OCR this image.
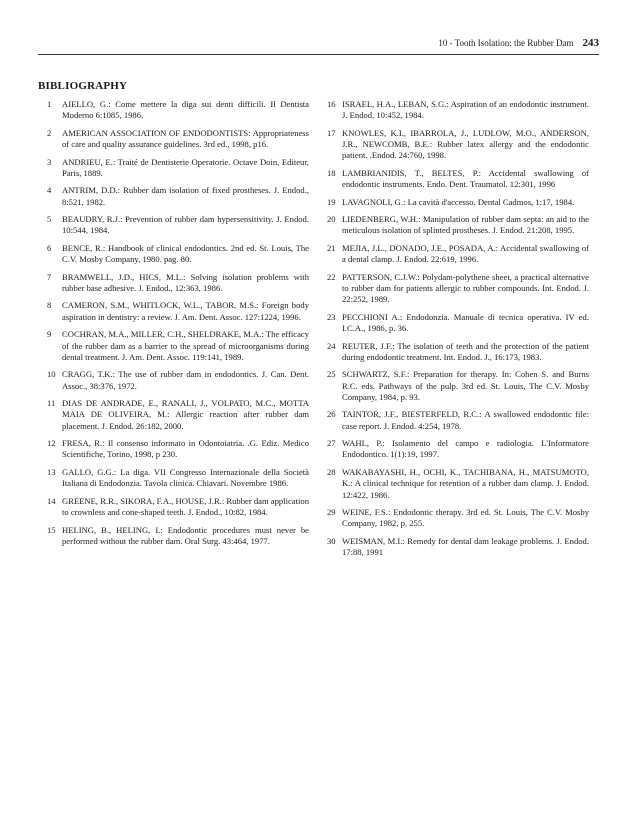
10 - Tooth Isolation: the Rubber Dam 243
BIBLIOGRAPHY
1	AIELLO, G.: Come mettere la diga sui denti difficili. Il Dentista Moderno 6:1085, 1986.
2	AMERICAN ASSOCIATION OF ENDODONTISTS: Appropriateness of care and quality assurance guidelines. 3rd ed., 1998, p16.
3	ANDRIEU, E.: Traité de Dentisterie Operatorie. Octave Doin, Editeur, Paris, 1889.
4	ANTRIM, D.D.: Rubber dam isolation of fixed prostheses. J. Endod., 8:521, 1982.
5	BEAUDRY, R.J.: Prevention of rubber dam hypersensitivity. J. Endod. 10:544, 1984.
6	BENCE, R.: Handbook of clinical endodontics. 2nd ed. St. Louis, The C.V. Mosby Company, 1980. pag. 80.
7	BRAMWELL, J.D., HICS, M.L.: Solving isolation problems with rubber base adhesive. J. Endod., 12:363, 1986.
8	CAMERON, S.M., WHITLOCK, W.L., TABOR, M.S.: Foreign body aspiration in dentistry: a review. J. Am. Dent. Assoc. 127:1224, 1996.
9	COCHRAN, M.A., MILLER, C.H., SHELDRAKE, M.A.: The efficacy of the rubber dam as a barrier to the spread of microorganisms during dental treatment. J. Am. Dent. Assoc. 119:141, 1989.
10 CRAGG, T.K.: The use of rubber dam in endodontics. J. Can. Dent. Assoc., 38:376, 1972.
11 DIAS DE ANDRADE, E., RANALI, J., VOLPATO, M.C., MOTTA MAIA DE OLIVEIRA, M.: Allergic reaction after rubber dam placement. J. Endod. 26:182, 2000.
12 FRESA, R.: Il consenso informato in Odontoiatria. .G. Ediz. Medico Scientifiche, Torino, 1998, p 230.
13 GALLO, G.G.: La diga. VII Congresso Internazionale della Società Italiana di Endodonzia. Tavola clinica. Chiavari. Novembre 1986.
14 GREENE, R.R., SIKORA, F.A., HOUSE, J.R.: Rubber dam application to crownless and cone-shaped teeth. J. Endod., 10:82, 1984.
15 HELING, B., HELING, I.: Endodontic procedures must never be performed without the rubber dam. Oral Surg. 43:464, 1977.
16 ISRAEL, H.A., LEBAN, S.G.: Aspiration of an endodontic instrument. J. Endod. 10:452, 1984.
17 KNOWLES, K.I., IBARROLA, J., LUDLOW, M.O., ANDERSON, J.R., NEWCOMB, B.E.: Rubber latex allergy and the endodontic patient. .Endod. 24:760, 1998.
18 LAMBRIANIDIS, T., BELTES, P.: Accidental swallowing of endodontic instruments. Endo. Dent. Traumatol. 12:301, 1996
19 LAVAGNOLI, G.: La cavità d'accesso. Dental Cadmos, 1:17, 1984.
20 LIEDENBERG, W.H.: Manipulation of rubber dam septa: an aid to the meticulous isolation of splinted prostheses. J. Endod. 21:208, 1995.
21 MEJIA, J.L., DONADO, J.E., POSADA, A.: Accidental swallowing of a dental clamp. J. Endod. 22:619, 1996.
22 PATTERSON, C.J.W.: Polydam-polythene sheet, a practical alternative to rubber dam for patients allergic to rubber compounds. Int. Endod. J. 22:252, 1989.
23 PECCHIONI A.: Endodonzia. Manuale di tecnica operativa. IV ed. I.C.A., 1986, p. 36.
24 REUTER, J.F.: The isolation of teeth and the protection of the patient during endodontic treatment. Int. Endod. J., 16:173, 1983.
25 SCHWARTZ, S.F.: Preparation for therapy. In: Cohen S. and Burns R.C. eds. Pathways of the pulp. 3rd ed. St. Louis, The C.V. Mosby Company, 1984, p. 93.
26 TAINTOR, J.F., BIESTERFELD, R.C.: A swallowed endodontic file: case report. J. Endod. 4:254, 1978.
27 WAHL, P.: Isolamento del campo e radiologia. L'Informatore Endodontico. 1(1):19, 1997.
28 WAKABAYASHI, H., OCHI, K., TACHIBANA, H., MATSUMOTO, K.: A clinical technique for retention of a rubber dam clamp. J. Endod. 12:422, 1986.
29 WEINE, F.S.: Endodontic therapy. 3rd ed. St. Louis, The C.V. Mosby Company, 1982, p. 255.
30 WEISMAN, M.I.: Remedy for dental dam leakage problems. J. Endod. 17:88, 1991
